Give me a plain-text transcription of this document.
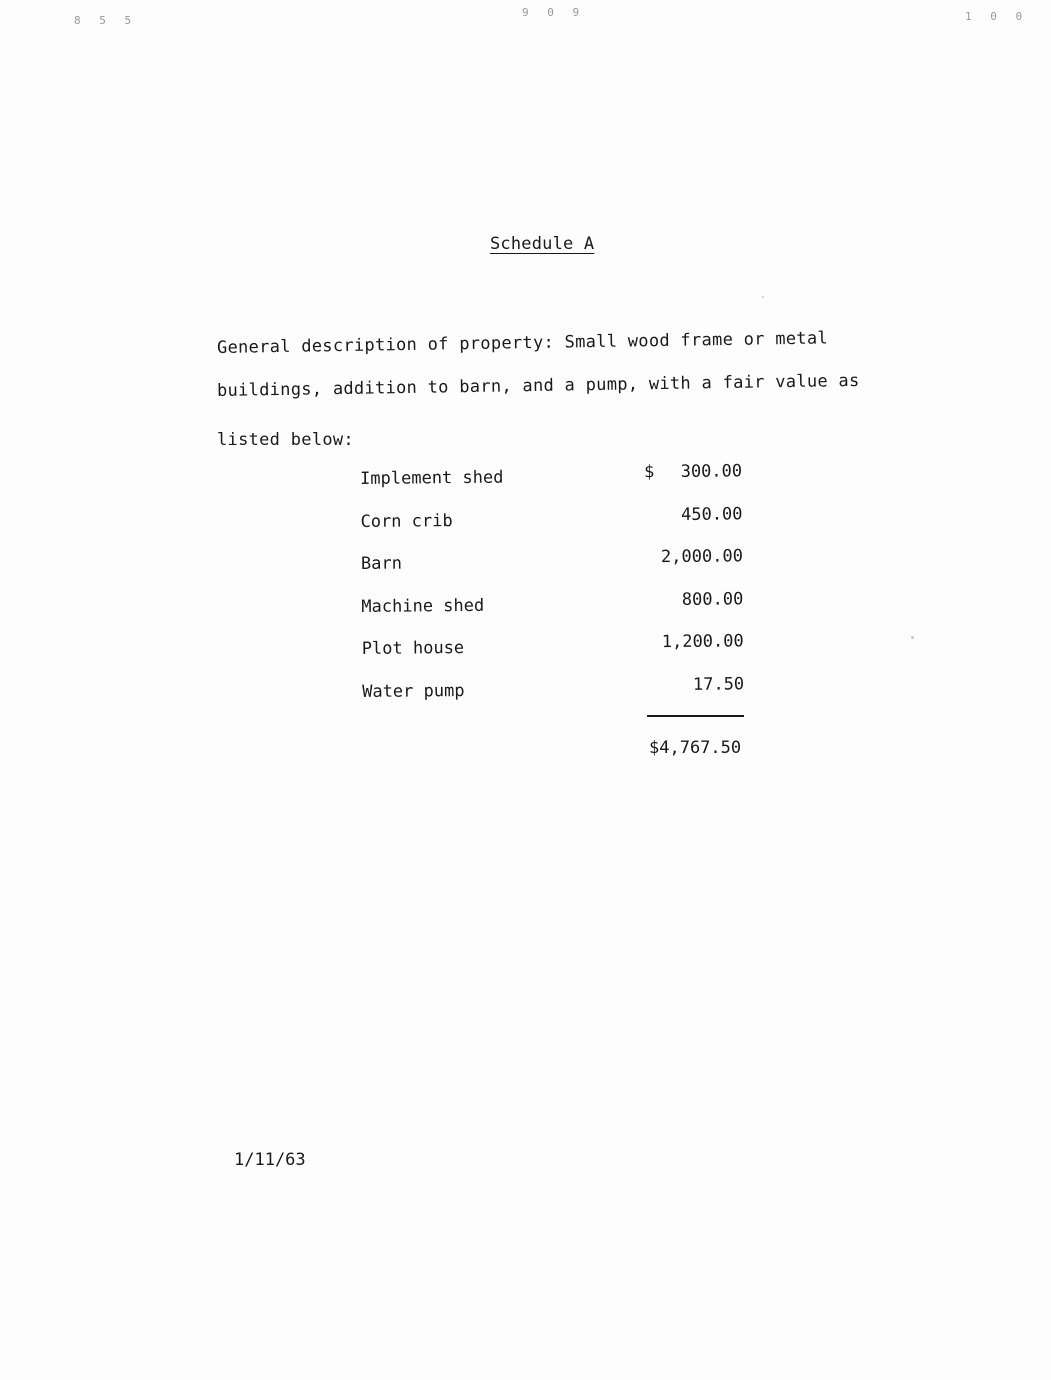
8 5 5
9 0 9	1 0 0
Schedule A
General description of property: Small wood frame or metal
buildings, addition to barn, and a pump, with a fair value as
listed below:
Implement shed	$ 300.00
Corn crib	450.00
Barn	2,000.00
Machine shed	800.00
Plot house	1,200.00
Water pump	17.50
$4,767.50
1/11/63
